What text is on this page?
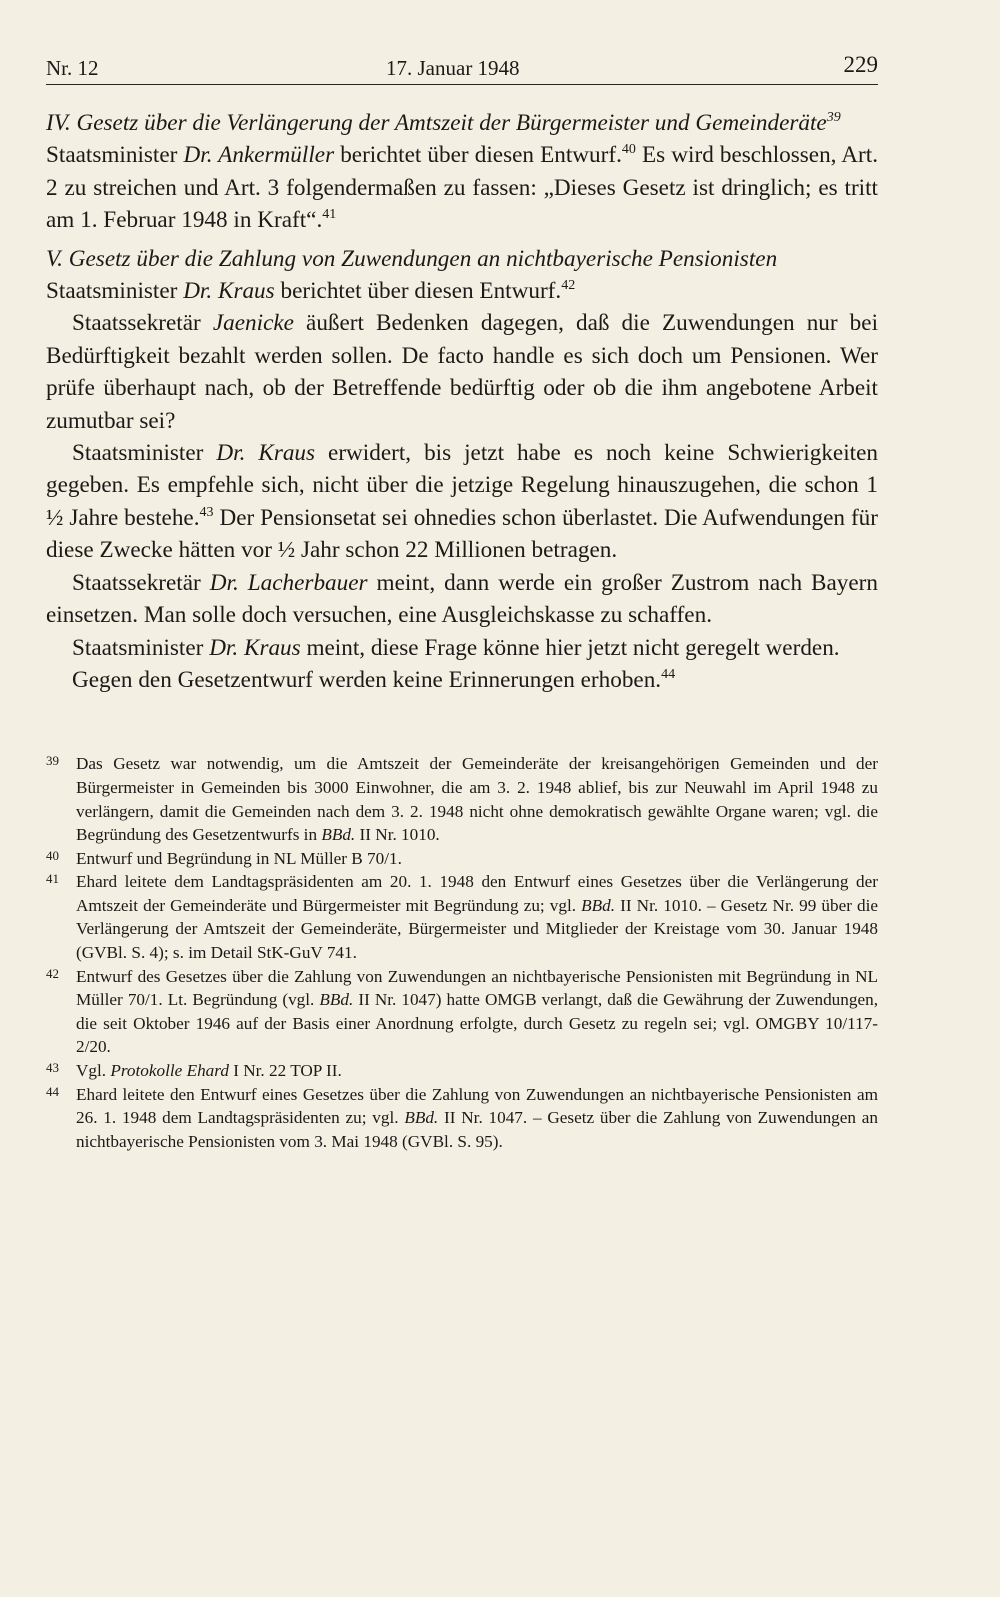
Nr. 12	17. Januar 1948	229

IV. Gesetz über die Verlängerung der Amtszeit der Bürgermeister und Gemeinderäte$^{39}$

Staatsminister Dr. Ankermüller berichtet über diesen Entwurf.$^{40}$ Es wird beschlossen, Art. 2 zu streichen und Art. 3 folgendermaßen zu fassen: „Dieses Gesetz ist dringlich; es tritt am 1. Februar 1948 in Kraft“.$^{41}$

V. Gesetz über die Zahlung von Zuwendungen an nichtbayerische Pensionisten

Staatsminister Dr. Kraus berichtet über diesen Entwurf.$^{42}$

Staatssekretär Jaenicke äußert Bedenken dagegen, daß die Zuwendungen nur bei Bedürftigkeit bezahlt werden sollen. De facto handle es sich doch um Pensionen. Wer prüfe überhaupt nach, ob der Betreffende bedürftig oder ob die ihm angebotene Arbeit zumutbar sei?

Staatsminister Dr. Kraus erwidert, bis jetzt habe es noch keine Schwierigkeiten gegeben. Es empfehle sich, nicht über die jetzige Regelung hinauszugehen, die schon 1 ½ Jahre bestehe.$^{43}$ Der Pensionsetat sei ohnedies schon überlastet. Die Aufwendungen für diese Zwecke hätten vor ½ Jahr schon 22 Millionen betragen.

Staatssekretär Dr. Lacherbauer meint, dann werde ein großer Zustrom nach Bayern einsetzen. Man solle doch versuchen, eine Ausgleichskasse zu schaffen.

Staatsminister Dr. Kraus meint, diese Frage könne hier jetzt nicht geregelt werden.

Gegen den Gesetzentwurf werden keine Erinnerungen erhoben.$^{44}$

39 Das Gesetz war notwendig, um die Amtszeit der Gemeinderäte der kreisangehörigen Gemeinden und der Bürgermeister in Gemeinden bis 3000 Einwohner, die am 3. 2. 1948 ablief, bis zur Neuwahl im April 1948 zu verlängern, damit die Gemeinden nach dem 3. 2. 1948 nicht ohne demokratisch gewählte Organe waren; vgl. die Begründung des Gesetzentwurfs in BBd. II Nr. 1010.

40 Entwurf und Begründung in NL Müller B 70/1.

41 Ehard leitete dem Landtagspräsidenten am 20. 1. 1948 den Entwurf eines Gesetzes über die Verlängerung der Amtszeit der Gemeinderäte und Bürgermeister mit Begründung zu; vgl. BBd. II Nr. 1010. – Gesetz Nr. 99 über die Verlängerung der Amtszeit der Gemeinderäte, Bürgermeister und Mitglieder der Kreistage vom 30. Januar 1948 (GVBl. S. 4); s. im Detail StK-GuV 741.

42 Entwurf des Gesetzes über die Zahlung von Zuwendungen an nichtbayerische Pensionisten mit Begründung in NL Müller 70/1. Lt. Begründung (vgl. BBd. II Nr. 1047) hatte OMGB verlangt, daß die Gewährung der Zuwendungen, die seit Oktober 1946 auf der Basis einer Anordnung erfolgte, durch Gesetz zu regeln sei; vgl. OMGBY 10/117-2/20.

43 Vgl. Protokolle Ehard I Nr. 22 TOP II.

44 Ehard leitete den Entwurf eines Gesetzes über die Zahlung von Zuwendungen an nichtbayerische Pensionisten am 26. 1. 1948 dem Landtagspräsidenten zu; vgl. BBd. II Nr. 1047. – Gesetz über die Zahlung von Zuwendungen an nichtbayerische Pensionisten vom 3. Mai 1948 (GVBl. S. 95).
